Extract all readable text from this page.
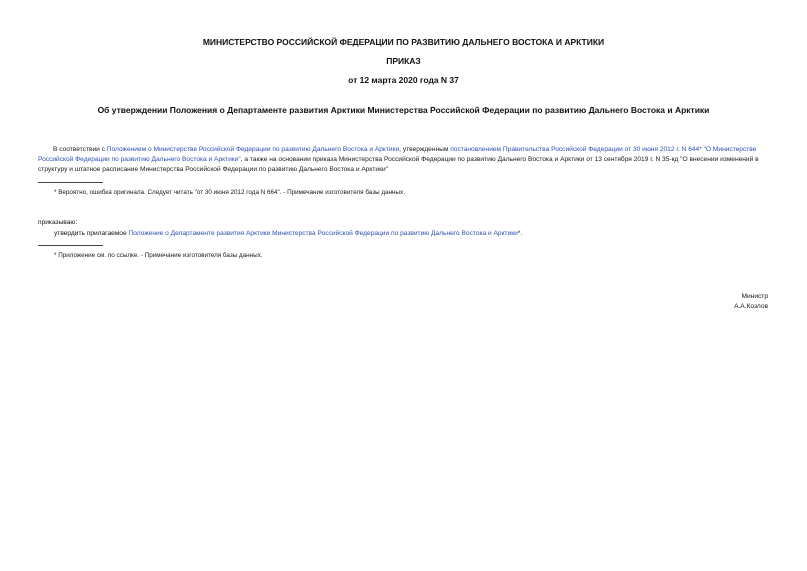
МИНИСТЕРСТВО РОССИЙСКОЙ ФЕДЕРАЦИИ ПО РАЗВИТИЮ ДАЛЬНЕГО ВОСТОКА И АРКТИКИ
ПРИКАЗ
от 12 марта 2020 года N 37
Об утверждении Положения о Департаменте развития Арктики Министерства Российской Федерации по развитию Дальнего Востока и Арктики
В соответствии с Положением о Министерстве Российской Федерации по развитию Дальнего Востока и Арктики, утвержденным постановлением Правительства Российской Федерации от 30 июня 2012 г. N 644* "О Министерстве Российской Федерации по развитию Дальнего Востока и Арктики", а также на основании приказа Министерства Российской Федерации по развитию Дальнего Востока и Арктики от 13 сентября 2019 г. N 35-кд "О внесении изменений в структуру и штатное расписание Министерства Российской Федерации по развитию Дальнего Востока и Арктики"
* Вероятно, ошибка оригинала. Следует читать "от 30 июня 2012 года N 664". - Примечание изготовителя базы данных.
приказываю:
утвердить прилагаемое Положение о Департаменте развития Арктики Министерства Российской Федерации по развитию Дальнего Востока и Арктики*.
* Приложение см. по ссылке. - Примечание изготовителя базы данных.
Министр
А.А.Козлов
